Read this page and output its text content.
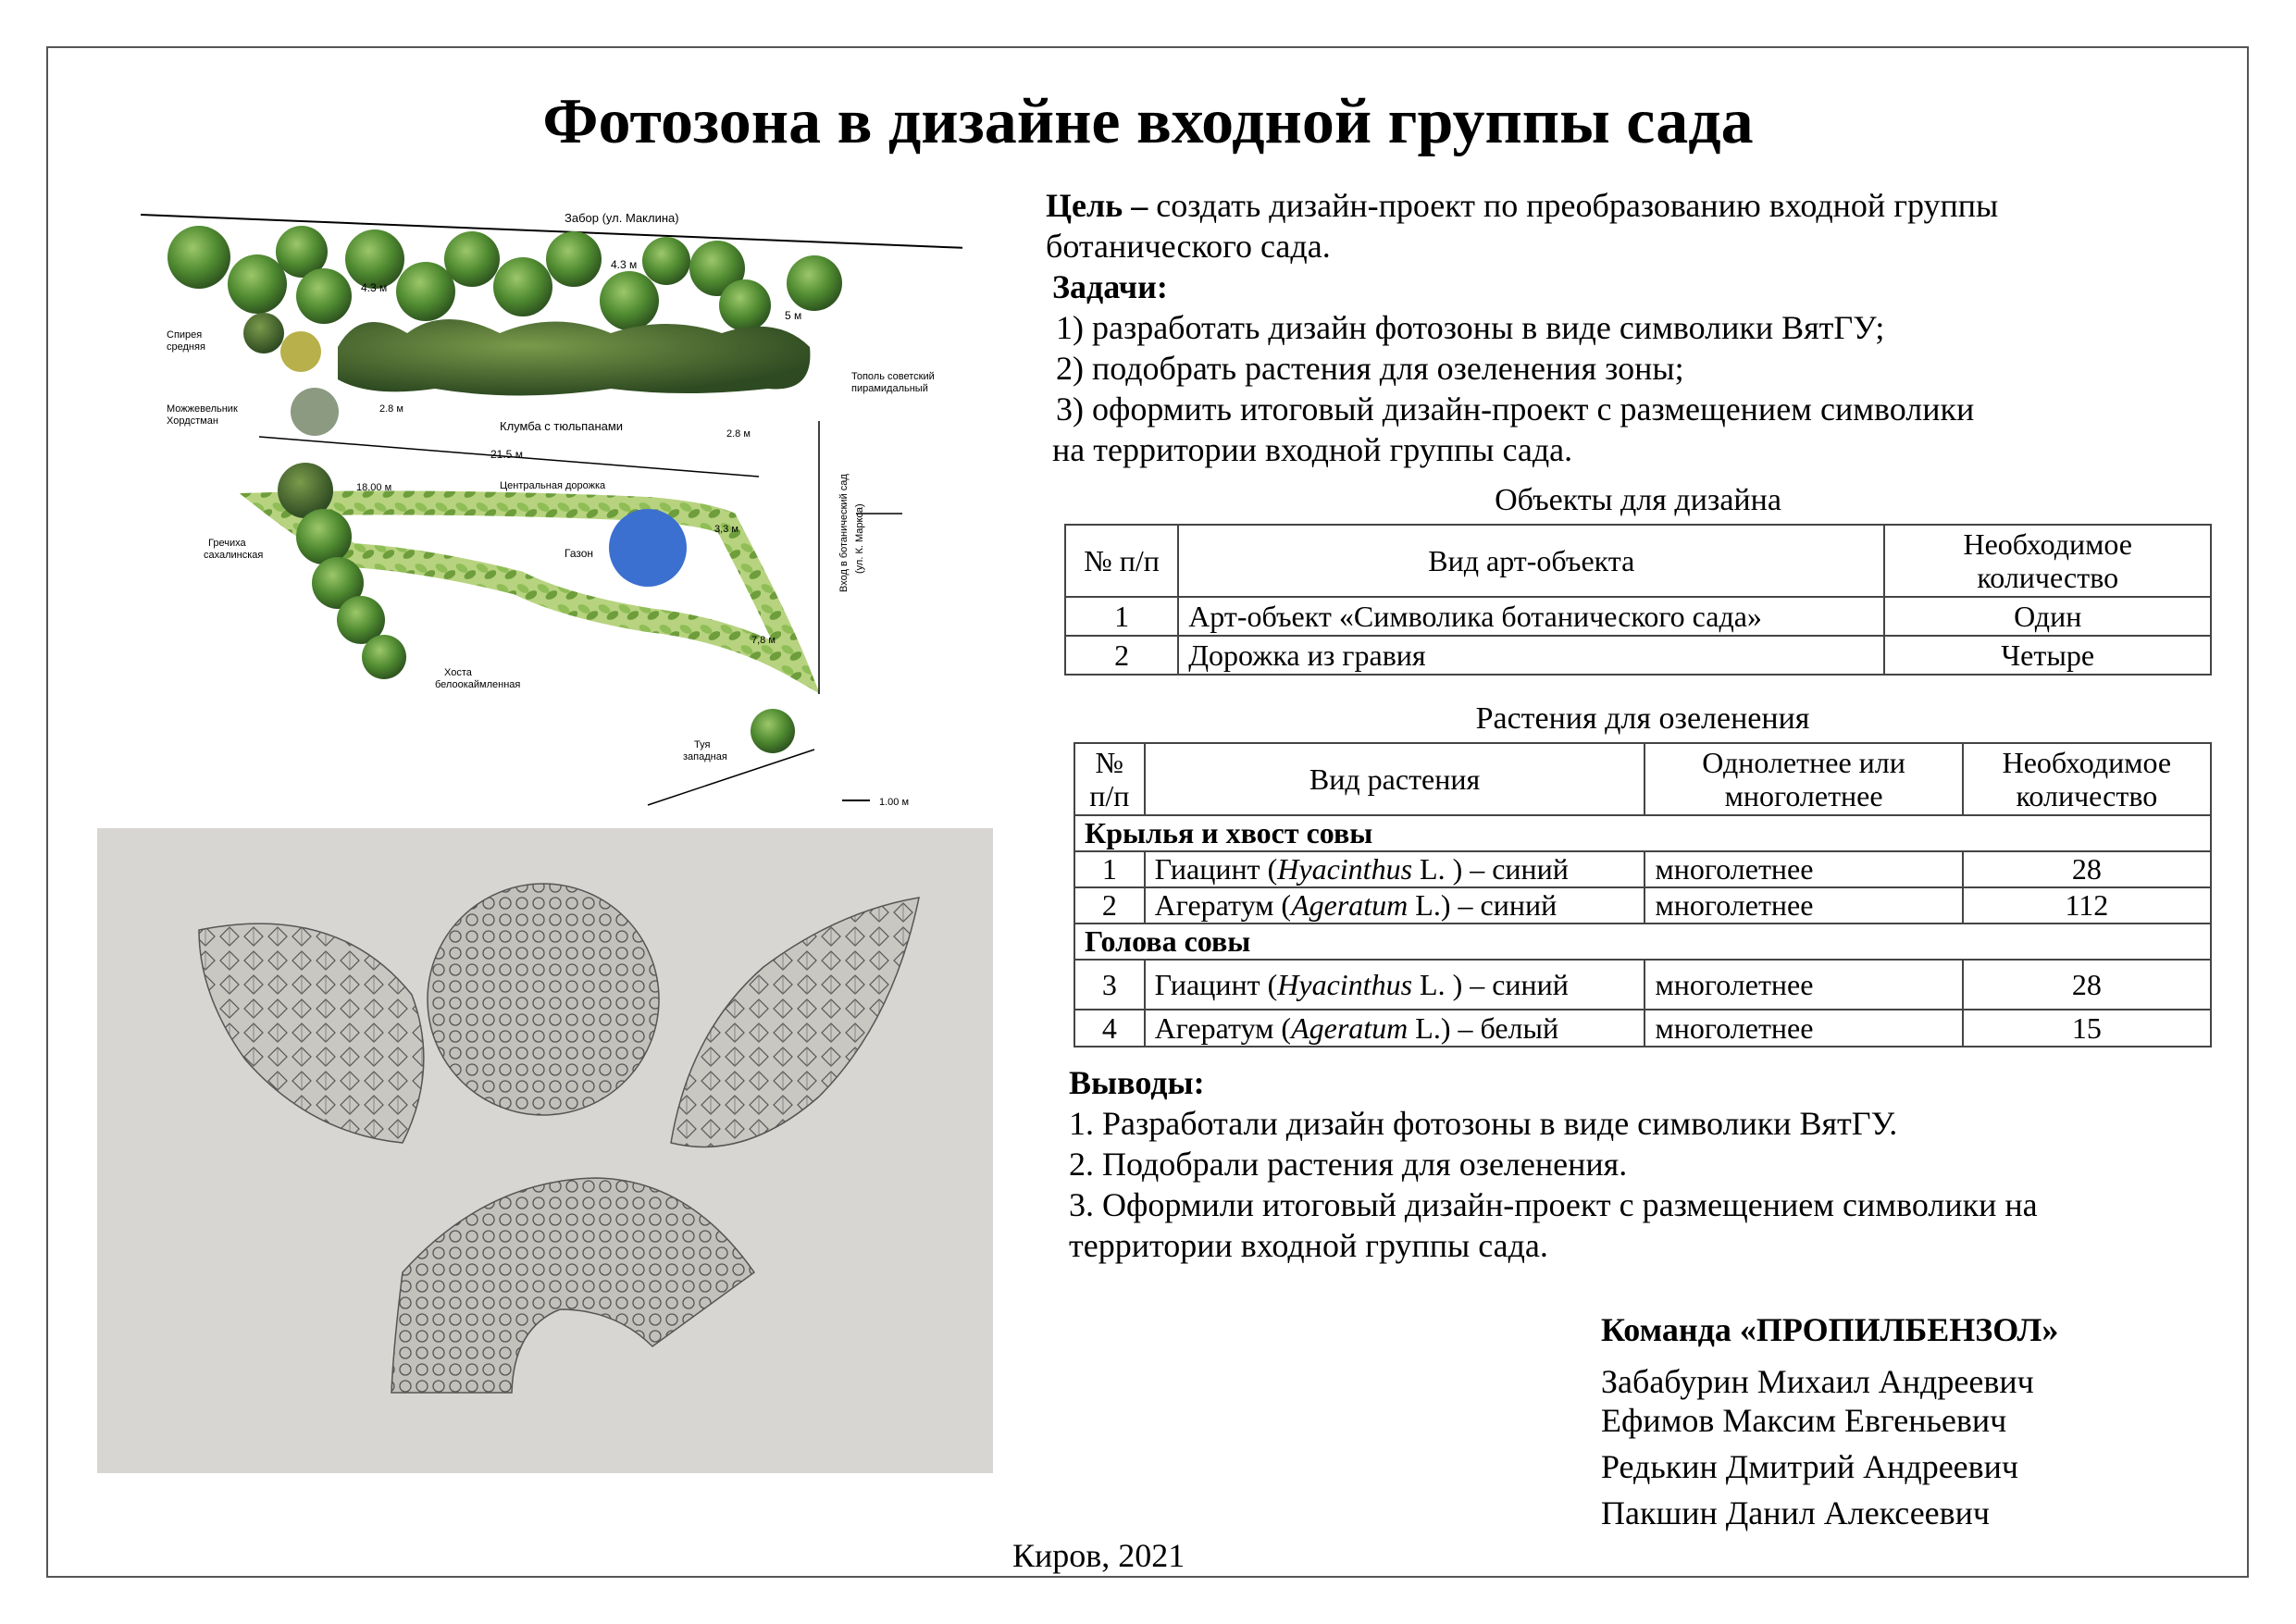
Фотозона в дизайне входной группы сада
Цель – создать дизайн-проект по преобразованию входной группы
ботанического сада.
Задачи:
1) разработать дизайн фотозоны в виде символики ВятГУ;
2) подобрать растения для озеленения зоны;
3) оформить итоговый дизайн-проект с размещением символики
на территории входной группы сада.
Объекты для дизайна
№ п/п	Вид арт-объекта	Необходимое количество
1	Арт-объект «Символика ботанического сада»	Один
2	Дорожка из гравия	Четыре
Растения для озеленения
№ п/п	Вид растения	Однолетнее или многолетнее	Необходимое количество
Крылья и хвост совы			
1	Гиацинт (Hyacinthus L. ) – синий	многолетнее	28
2	Агератум (Ageratum L.) – синий	многолетнее	112
Голова совы			
3	Гиацинт (Hyacinthus L. ) – синий	многолетнее	28
4	Агератум (Ageratum L.) – белый	многолетнее	15
Выводы:
1. Разработали дизайн фотозоны в виде символики ВятГУ.
2. Подобрали растения для озеленения.
3. Оформили итоговый дизайн-проект с размещением символики на
территории входной группы сада.
Команда «ПРОПИЛБЕНЗОЛ»
Забабурин Михаил Андреевич
Ефимов Максим Евгеньевич
Редькин Дмитрий Андреевич
Пакшин Данил Алексеевич
Киров, 2021
Забор (ул. Маклина)
4.3 м
4.3 м
5 м
Спирея
средняя
Можжевельник
Хордстман
Тополь советский
пирамидальный
Клумба с тюльпанами
2.8 м
2.8 м
21.5 м
18.00 м	Центральная дорожка
Гречиха
сахалинская	Газон
3,3 м
7,8 м
Хоста
белоокаймленная
Туя
западная
Вход в ботанический сад (ул. К. Маркса)
1.00 м
